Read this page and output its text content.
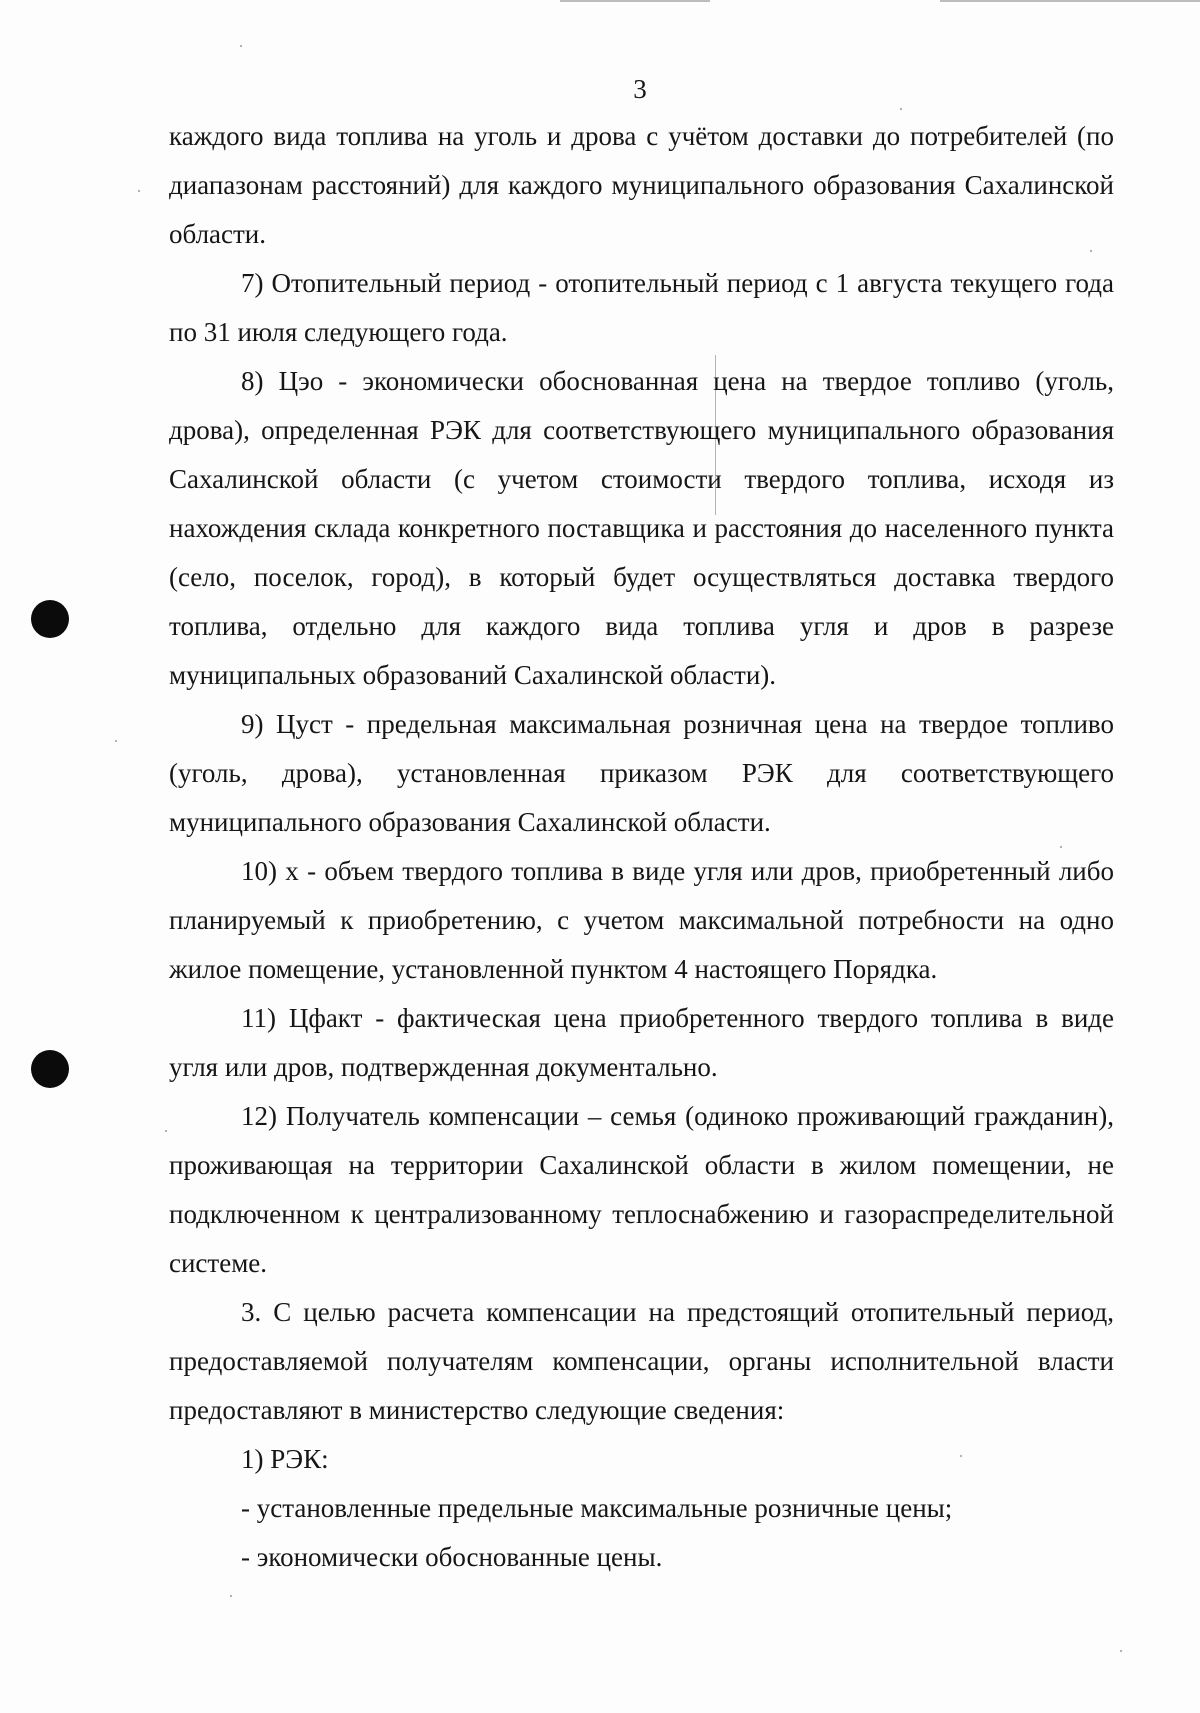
3

каждого вида топлива на уголь и дрова с учётом доставки до потребителей (по диапазонам расстояний) для каждого муниципального образования Сахалинской области.

7) Отопительный период - отопительный период с 1 августа текущего года по 31 июля следующего года.

8) Цэо - экономически обоснованная цена на твердое топливо (уголь, дрова), определенная РЭК для соответствующего муниципального образования Сахалинской области (с учетом стоимости твердого топлива, исходя из нахождения склада конкретного поставщика и расстояния до населенного пункта (село, поселок, город), в который будет осуществляться доставка твердого топлива, отдельно для каждого вида топлива угля и дров в разрезе муниципальных образований Сахалинской области).

9) Цуст - предельная максимальная розничная цена на твердое топливо (уголь, дрова), установленная приказом РЭК для соответствующего муниципального образования Сахалинской области.

10) х - объем твердого топлива в виде угля или дров, приобретенный либо планируемый к приобретению, с учетом максимальной потребности на одно жилое помещение, установленной пунктом 4 настоящего Порядка.

11) Цфакт - фактическая цена приобретенного твердого топлива в виде угля или дров, подтвержденная документально.

12) Получатель компенсации – семья (одиноко проживающий гражданин), проживающая на территории Сахалинской области в жилом помещении, не подключенном к централизованному теплоснабжению и газораспределительной системе.

3. С целью расчета компенсации на предстоящий отопительный период, предоставляемой получателям компенсации, органы исполнительной власти предоставляют в министерство следующие сведения:

1) РЭК:

- установленные предельные максимальные розничные цены;

- экономически обоснованные цены.
